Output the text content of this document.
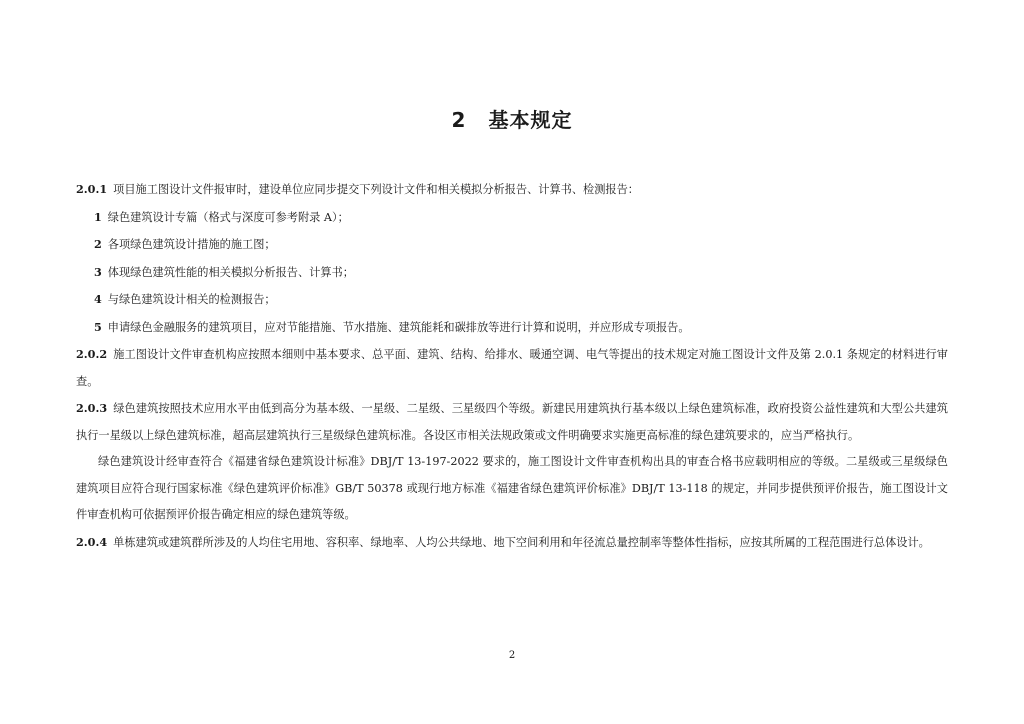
2 基本规定
2.0.1 项目施工图设计文件报审时，建设单位应同步提交下列设计文件和相关模拟分析报告、计算书、检测报告：
1 绿色建筑设计专篇（格式与深度可参考附录 A）；
2 各项绿色建筑设计措施的施工图；
3 体现绿色建筑性能的相关模拟分析报告、计算书；
4 与绿色建筑设计相关的检测报告；
5 申请绿色金融服务的建筑项目，应对节能措施、节水措施、建筑能耗和碳排放等进行计算和说明，并应形成专项报告。
2.0.2 施工图设计文件审查机构应按照本细则中基本要求、总平面、建筑、结构、给排水、暖通空调、电气等提出的技术规定对施工图设计文件及第 2.0.1 条规定的材料进行审查。
2.0.3 绿色建筑按照技术应用水平由低到高分为基本级、一星级、二星级、三星级四个等级。新建民用建筑执行基本级以上绿色建筑标准，政府投资公益性建筑和大型公共建筑执行一星级以上绿色建筑标准，超高层建筑执行三星级绿色建筑标准。各设区市相关法规政策或文件明确要求实施更高标准的绿色建筑要求的，应当严格执行。
绿色建筑设计经审查符合《福建省绿色建筑设计标准》DBJ/T 13-197-2022 要求的，施工图设计文件审查机构出具的审查合格书应载明相应的等级。二星级或三星级绿色建筑项目应符合现行国家标准《绿色建筑评价标准》GB/T 50378 或现行地方标准《福建省绿色建筑评价标准》DBJ/T 13-118 的规定，并同步提供预评价报告，施工图设计文件审查机构可依据预评价报告确定相应的绿色建筑等级。
2.0.4 单栋建筑或建筑群所涉及的人均住宅用地、容积率、绿地率、人均公共绿地、地下空间利用和年径流总量控制率等整体性指标，应按其所属的工程范围进行总体设计。
2
